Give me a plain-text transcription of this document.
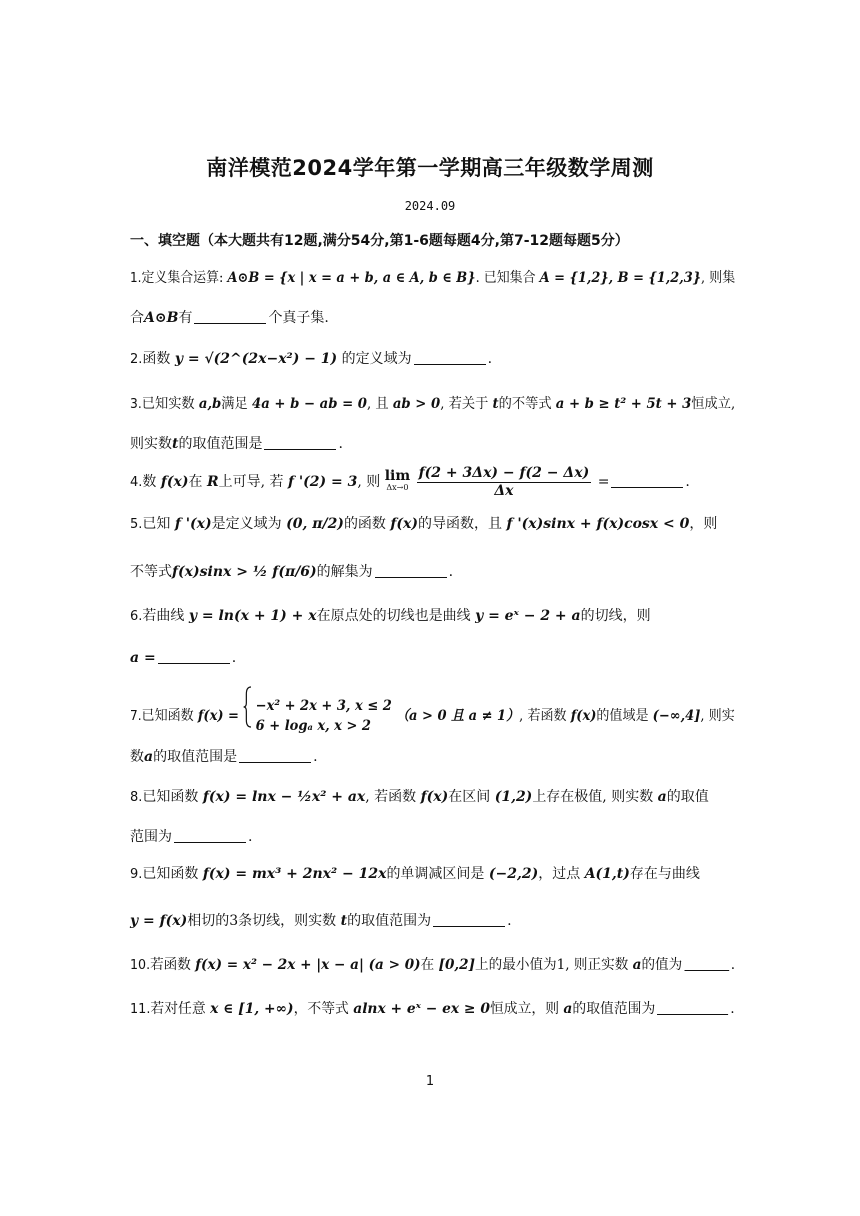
南洋模范2024学年第一学期高三年级数学周测
2024.09
一、填空题（本大题共有12题,满分54分,第1-6题每题4分,第7-12题每题5分）
1.定义集合运算: A⊙B = {x | x = a + b, a ∈ A, b ∈ B}. 已知集合 A = {1,2}, B = {1,2,3}, 则集
合A⊙B有	个真子集.
2.函数 y = √(2^(2x−x²) − 1) 的定义域为	.
3.已知实数 a,b满足 4a + b − ab = 0, 且 ab > 0, 若关于 t的不等式 a + b ≥ t² + 5t + 3恒成立,
则实数t的取值范围是	.
4.数 f(x)在 R上可导, 若 f '(2) = 3, 则 lim
Δx→0
$\frac{f(2 + 3\Delta x) - f(2 - \Delta x)}{\Delta x}$ =	.
5.已知 f '(x)是定义域为 (0, π/2)的函数 f(x)的导函数，且 f '(x)sinx + f(x)cosx < 0，则
不等式f(x)sinx > ½ f(π/6)的解集为	.
6.若曲线 y = ln(x + 1) + x在原点处的切线也是曲线 y = eˣ − 2 + a的切线，则
a =	.
7.已知函数 f(x) =
−x² + 2x + 3, x ≤ 2
6 + logₐ x, x > 2
（a > 0 且 a ≠ 1）, 若函数 f(x)的值域是 (−∞,4], 则实
数a的取值范围是	.
8.已知函数 f(x) = lnx − ½x² + ax, 若函数 f(x)在区间 (1,2)上存在极值, 则实数 a的取值
范围为	.
9.已知函数 f(x) = mx³ + 2nx² − 12x的单调减区间是 (−2,2)，过点 A(1,t)存在与曲线
y = f(x)相切的3条切线，则实数 t的取值范围为	.
10.若函数 f(x) = x² − 2x + |x − a| (a > 0)在 [0,2]上的最小值为1, 则正实数 a的值为	.
11.若对任意 x ∈ [1, +∞)，不等式 alnx + eˣ − ex ≥ 0恒成立，则 a的取值范围为	.
1
